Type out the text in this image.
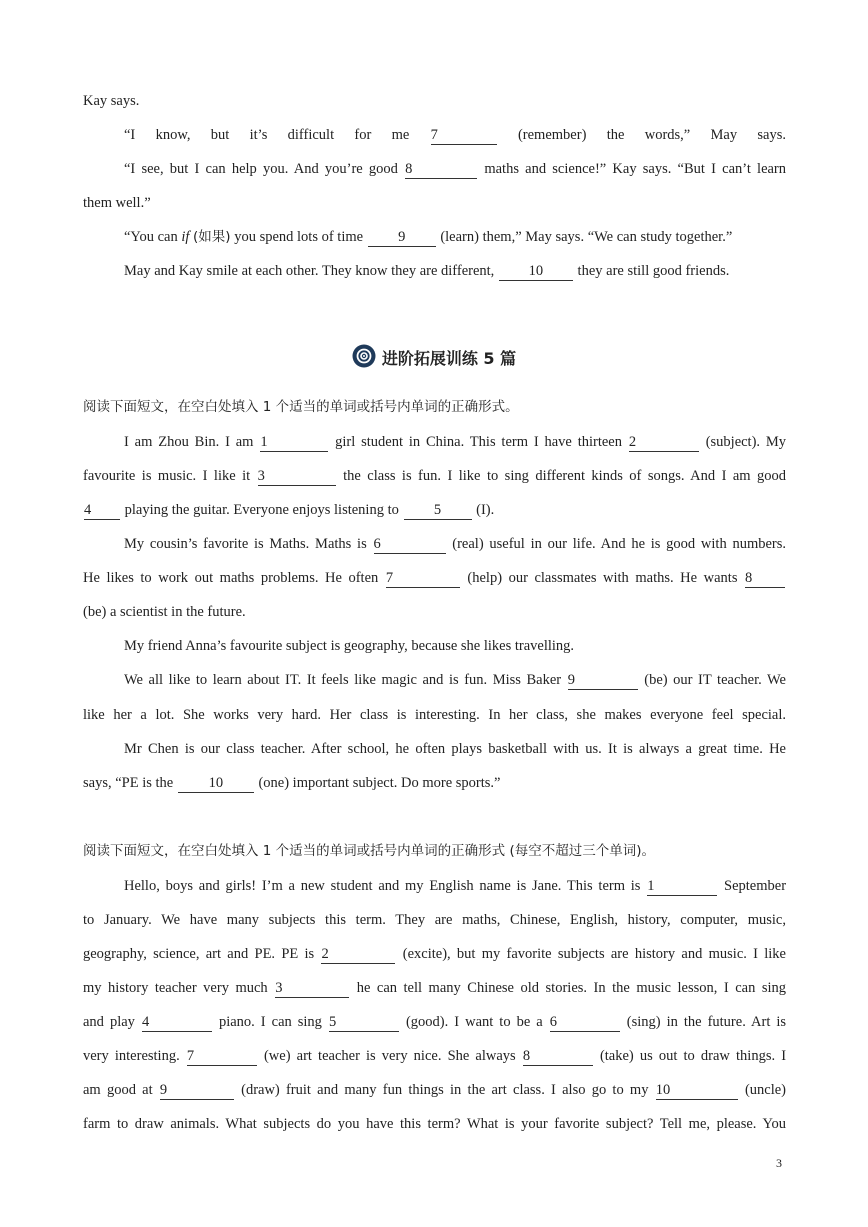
Kay says.
“I know, but it’s difficult for me 7	(remember) the words,” May says.
“I see, but I can help you. And you’re good 8	maths and science!” Kay says. “But I can’t learn
them well.”
“You can if (如果) you spend lots of time 9 (learn) them,” May says. “We can study together.”
May and Kay smile at each other. They know they are different, 10 they are still good friends.
进阶拓展训练 5 篇
阅读下面短文，在空白处填入 1 个适当的单词或括号内单词的正确形式。
I am Zhou Bin. I am 1	girl student in China. This term I have thirteen 2	(subject). My
favourite is music. I like it 3	the class is fun. I like to sing different kinds of songs. And I am good
4 playing the guitar. Everyone enjoys listening to 5 (I).
My cousin’s favorite is Maths. Maths is 6	(real) useful in our life. And he is good with numbers.
He likes to work out maths problems. He often 7	(help) our classmates with maths. He wants 8
(be) a scientist in the future.
My friend Anna’s favourite subject is geography, because she likes travelling.
We all like to learn about IT. It feels like magic and is fun. Miss Baker 9	(be) our IT teacher. We
like her a lot. She works very hard. Her class is interesting. In her class, she makes everyone feel special.
Mr Chen is our class teacher. After school, he often plays basketball with us. It is always a great time. He
says, “PE is the 10 (one) important subject. Do more sports.”
阅读下面短文，在空白处填入 1 个适当的单词或括号内单词的正确形式 (每空不超过三个单词)。
Hello, boys and girls! I’m a new student and my English name is Jane. This term is 1	September
to January. We have many subjects this term. They are maths, Chinese, English, history, computer, music,
geography, science, art and PE. PE is 2	(excite), but my favorite subjects are history and music. I like
my history teacher very much 3	he can tell many Chinese old stories. In the music lesson, I can sing
and play 4	piano. I can sing 5	(good). I want to be a 6	(sing) in the future. Art is
very interesting. 7	(we) art teacher is very nice. She always 8	(take) us out to draw things. I
am good at 9	(draw) fruit and many fun things in the art class. I also go to my 10	(uncle)
farm to draw animals. What subjects do you have this term? What is your favorite subject? Tell me, please. You
3
